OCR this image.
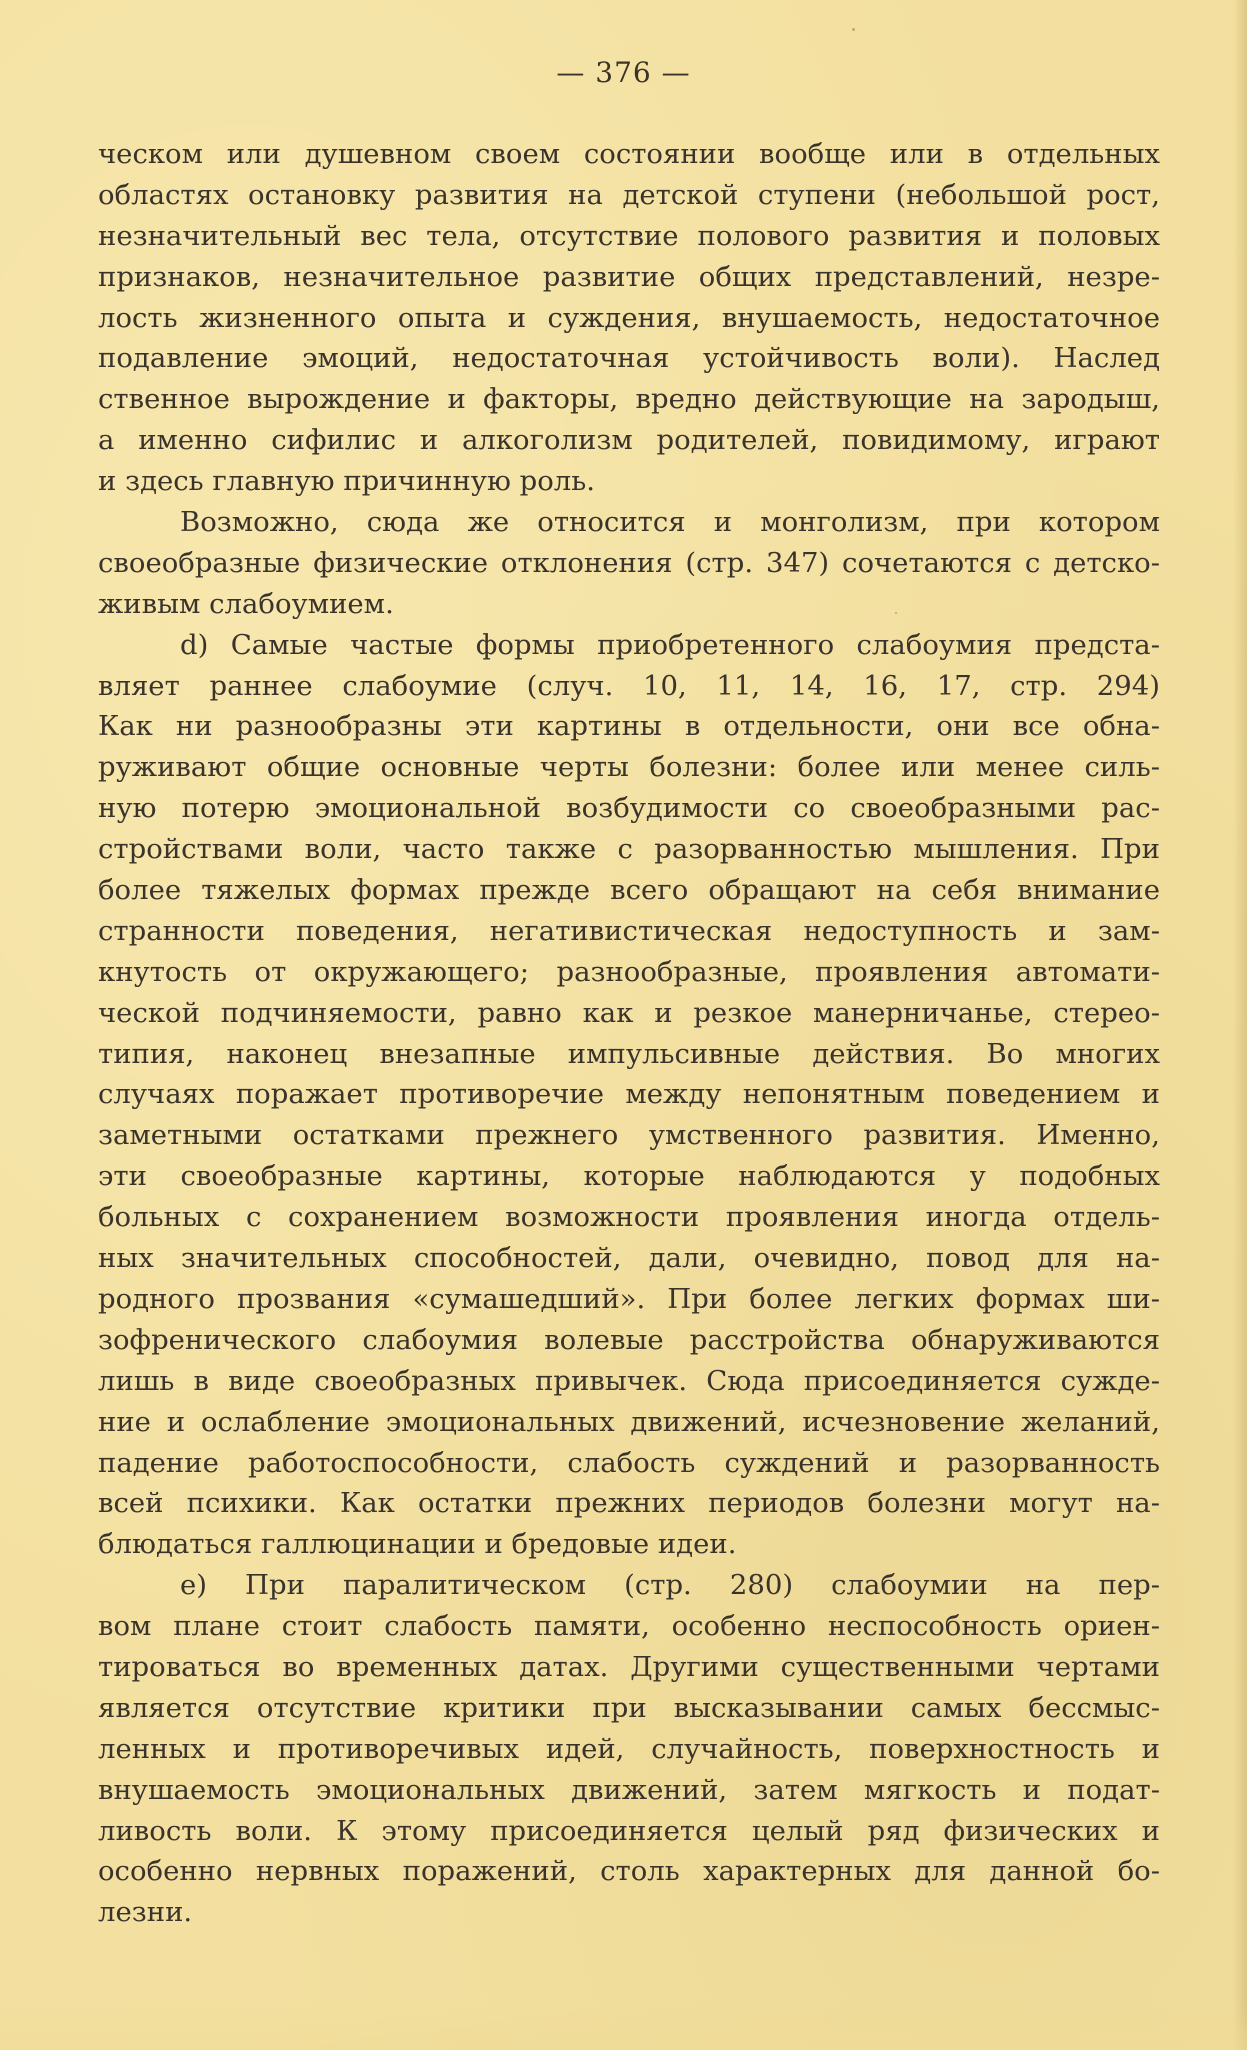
— 376 —
ческом или душевном своем состоянии вообще или в отдельных
областях остановку развития на детской ступени (небольшой рост,
незначительный вес тела, отсутствие полового развития и половых
признаков, незначительное развитие общих представлений, незре-
лость жизненного опыта и суждения, внушаемость, недостаточное
подавление эмоций, недостаточная устойчивость воли). Наслед
ственное вырождение и факторы, вредно действующие на зародыш,
а именно сифилис и алкоголизм родителей, повидимому, играют
и здесь главную причинную роль.
Возможно, сюда же относится и монголизм, при котором
своеобразные физические отклонения (стр. 347) сочетаются с детско-
живым слабоумием.
d) Самые частые формы приобретенного слабоумия предста-
вляет раннее слабоумие (случ. 10, 11, 14, 16, 17, стр. 294)
Как ни разнообразны эти картины в отдельности, они все обна-
руживают общие основные черты болезни: более или менее силь-
ную потерю эмоциональной возбудимости со своеобразными рас-
стройствами воли, часто также с разорванностью мышления. При
более тяжелых формах прежде всего обращают на себя внимание
странности поведения, негативистическая недоступность и зам-
кнутость от окружающего; разнообразные, проявления автомати-
ческой подчиняемости, равно как и резкое манерничанье, стерео-
типия, наконец внезапные импульсивные действия. Во многих
случаях поражает противоречие между непонятным поведением и
заметными остатками прежнего умственного развития. Именно,
эти своеобразные картины, которые наблюдаются у подобных
больных с сохранением возможности проявления иногда отдель-
ных значительных способностей, дали, очевидно, повод для на-
родного прозвания «сумашедший». При более легких формах ши-
зофренического слабоумия волевые расстройства обнаруживаются
лишь в виде своеобразных привычек. Сюда присоединяется сужде-
ние и ослабление эмоциональных движений, исчезновение желаний,
падение работоспособности, слабость суждений и разорванность
всей психики. Как остатки прежних периодов болезни могут на-
блюдаться галлюцинации и бредовые идеи.
e) При паралитическом (стр. 280) слабоумии на пер-
вом плане стоит слабость памяти, особенно неспособность ориен-
тироваться во временных датах. Другими существенными чертами
является отсутствие критики при высказывании самых бессмыс-
ленных и противоречивых идей, случайность, поверхностность и
внушаемость эмоциональных движений, затем мягкость и подат-
ливость воли. К этому присоединяется целый ряд физических и
особенно нервных поражений, столь характерных для данной бо-
лезни.
